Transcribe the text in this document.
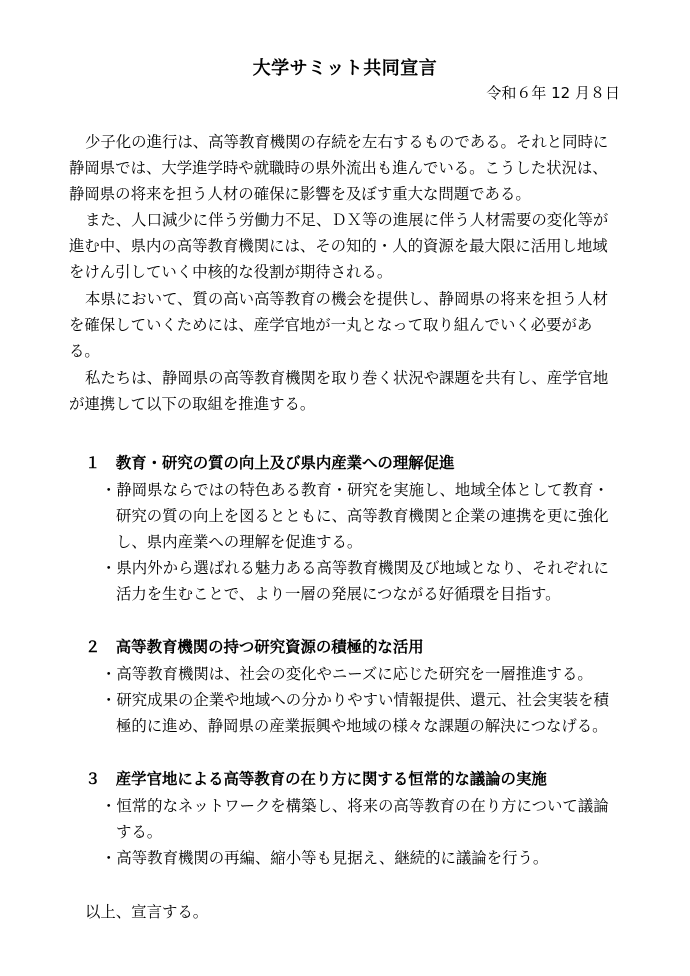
大学サミット共同宣言
令和６年 12 月８日
少子化の進行は、高等教育機関の存続を左右するものである。それと同時に
静岡県では、大学進学時や就職時の県外流出も進んでいる。こうした状況は、
静岡県の将来を担う人材の確保に影響を及ぼす重大な問題である。
また、人口減少に伴う労働力不足、ＤＸ等の進展に伴う人材需要の変化等が
進む中、県内の高等教育機関には、その知的・人的資源を最大限に活用し地域
をけん引していく中核的な役割が期待される。
本県において、質の高い高等教育の機会を提供し、静岡県の将来を担う人材
を確保していくためには、産学官地が一丸となって取り組んでいく必要があ
る。
私たちは、静岡県の高等教育機関を取り巻く状況や課題を共有し、産学官地
が連携して以下の取組を推進する。
１　教育・研究の質の向上及び県内産業への理解促進
・静岡県ならではの特色ある教育・研究を実施し、地域全体として教育・
研究の質の向上を図るとともに、高等教育機関と企業の連携を更に強化
し、県内産業への理解を促進する。
・県内外から選ばれる魅力ある高等教育機関及び地域となり、それぞれに
活力を生むことで、より一層の発展につながる好循環を目指す。
２　高等教育機関の持つ研究資源の積極的な活用
・高等教育機関は、社会の変化やニーズに応じた研究を一層推進する。
・研究成果の企業や地域への分かりやすい情報提供、還元、社会実装を積
極的に進め、静岡県の産業振興や地域の様々な課題の解決につなげる。
３　産学官地による高等教育の在り方に関する恒常的な議論の実施
・恒常的なネットワークを構築し、将来の高等教育の在り方について議論
する。
・高等教育機関の再編、縮小等も見据え、継続的に議論を行う。
以上、宣言する。
